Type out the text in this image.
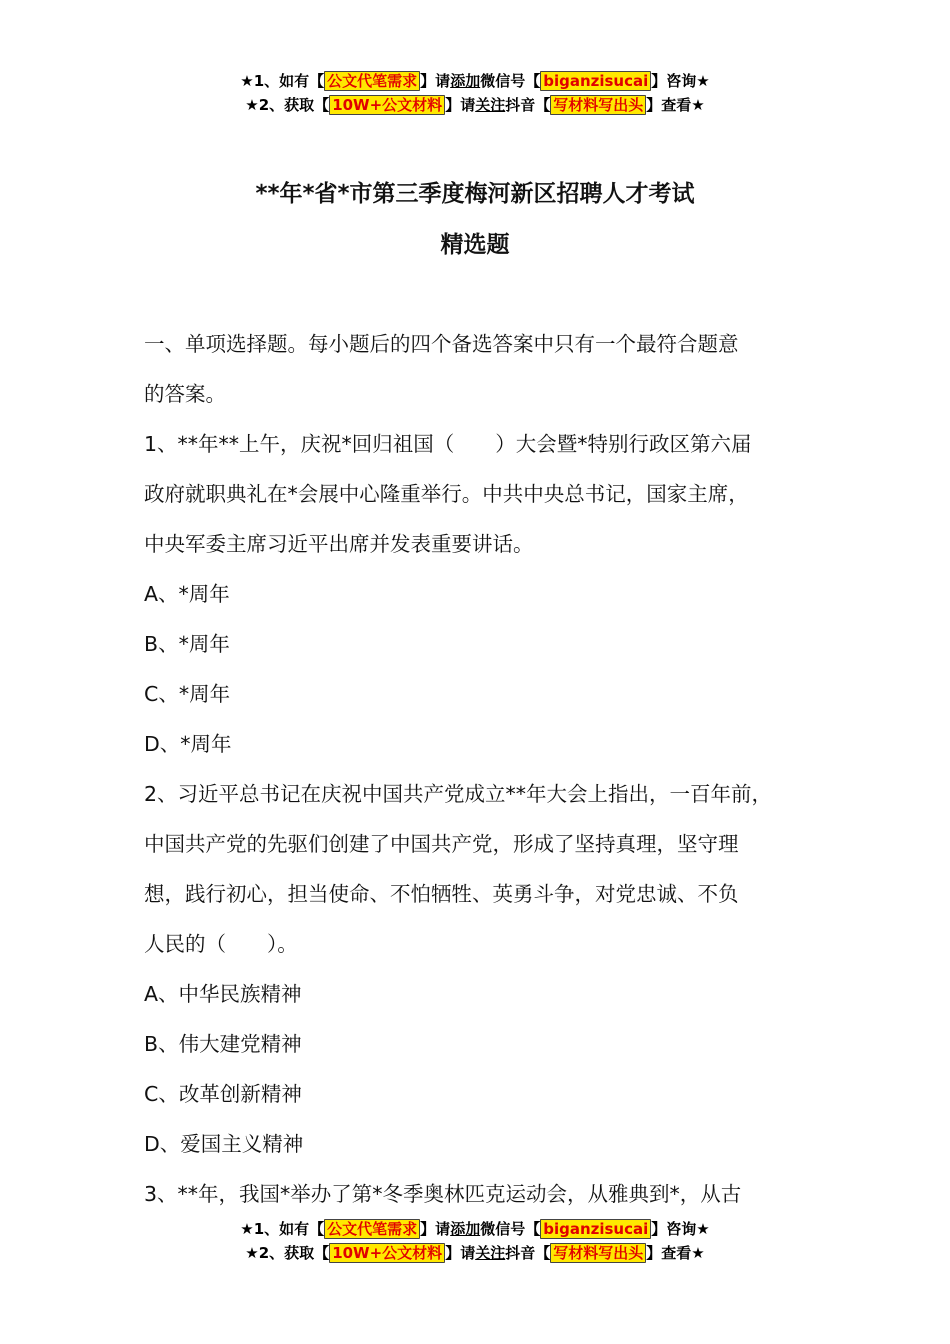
★1、如有【 公文代笔需求 】请添加微信号【 biganzisucai 】咨询★
★2、获取【 10W+公文材料 】请关注抖音【 写材料写出头 】查看★
**年*省*市第三季度梅河新区招聘人才考试
精选题

一、单项选择题。每小题后的四个备选答案中只有一个最符合题意

的答案。

1、**年**上午，庆祝*回归祖国（　　）大会暨*特别行政区第六届

政府就职典礼在*会展中心隆重举行。中共中央总书记，国家主席，

中央军委主席习近平出席并发表重要讲话。

A、*周年

B、*周年

C、*周年

D、*周年

2、习近平总书记在庆祝中国共产党成立**年大会上指出，一百年前，

中国共产党的先驱们创建了中国共产党，形成了坚持真理，坚守理

想，践行初心，担当使命、不怕牺牲、英勇斗争，对党忠诚、不负

人民的（　　）。

A、中华民族精神

B、伟大建党精神

C、改革创新精神

D、爱国主义精神

3、**年，我国*举办了第*冬季奥林匹克运动会，从雅典到*，从古

★1、如有【 公文代笔需求 】请添加微信号【 biganzisucai 】咨询★
★2、获取【 10W+公文材料 】请关注抖音【 写材料写出头 】查看★
